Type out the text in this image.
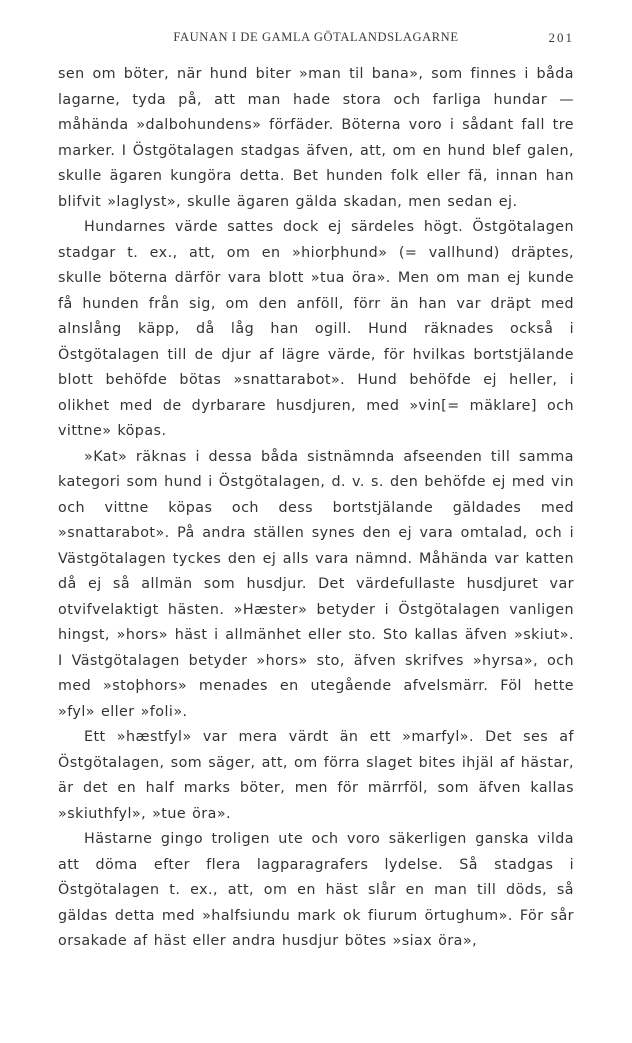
FAUNAN I DE GAMLA GÖTALANDSLAGARNE	201

sen om böter, när hund biter »man til bana», som finnes i båda lagarne, tyda på, att man hade stora och farliga hundar — måhända »dalbohundens» förfäder. Böterna voro i sådant fall tre marker. I Östgötalagen stadgas äfven, att, om en hund blef galen, skulle ägaren kungöra detta. Bet hunden folk eller fä, innan han blifvit »laglyst», skulle ägaren gälda skadan, men sedan ej.

Hundarnes värde sattes dock ej särdeles högt. Östgötalagen stadgar t. ex., att, om en »hiorþhund» (= vallhund) dräptes, skulle böterna därför vara blott »tua öra». Men om man ej kunde få hunden från sig, om den anföll, förr än han var dräpt med alnslång käpp, då låg han ogill. Hund räknades också i Östgötalagen till de djur af lägre värde, för hvilkas bortstjälande blott behöfde bötas »snattarabot». Hund behöfde ej heller, i olikhet med de dyrbarare husdjuren, med »vin[= mäklare] och vittne» köpas.

»Kat» räknas i dessa båda sistnämnda afseenden till samma kategori som hund i Östgötalagen, d. v. s. den behöfde ej med vin och vittne köpas och dess bortstjälande gäldades med »snattarabot». På andra ställen synes den ej vara omtalad, och i Västgötalagen tyckes den ej alls vara nämnd. Måhända var katten då ej så allmän som husdjur. Det värdefullaste husdjuret var otvifvelaktigt hästen. »Hæster» betyder i Östgötalagen vanligen hingst, »hors» häst i allmänhet eller sto. Sto kallas äfven »skiut». I Västgötalagen betyder »hors» sto, äfven skrifves »hyrsa», och med »stoþhors» menades en utegående afvelsmärr. Föl hette »fyl» eller »foli».

Ett »hæstfyl» var mera värdt än ett »marfyl». Det ses af Östgötalagen, som säger, att, om förra slaget bites ihjäl af hästar, är det en half marks böter, men för märrföl, som äfven kallas »skiuthfyl», »tue öra».

Hästarne gingo troligen ute och voro säkerligen ganska vilda att döma efter flera lagparagrafers lydelse. Så stadgas i Östgötalagen t. ex., att, om en häst slår en man till döds, så gäldas detta med »halfsiundu mark ok fiurum örtughum». För sår orsakade af häst eller andra husdjur bötes »siax öra»,
